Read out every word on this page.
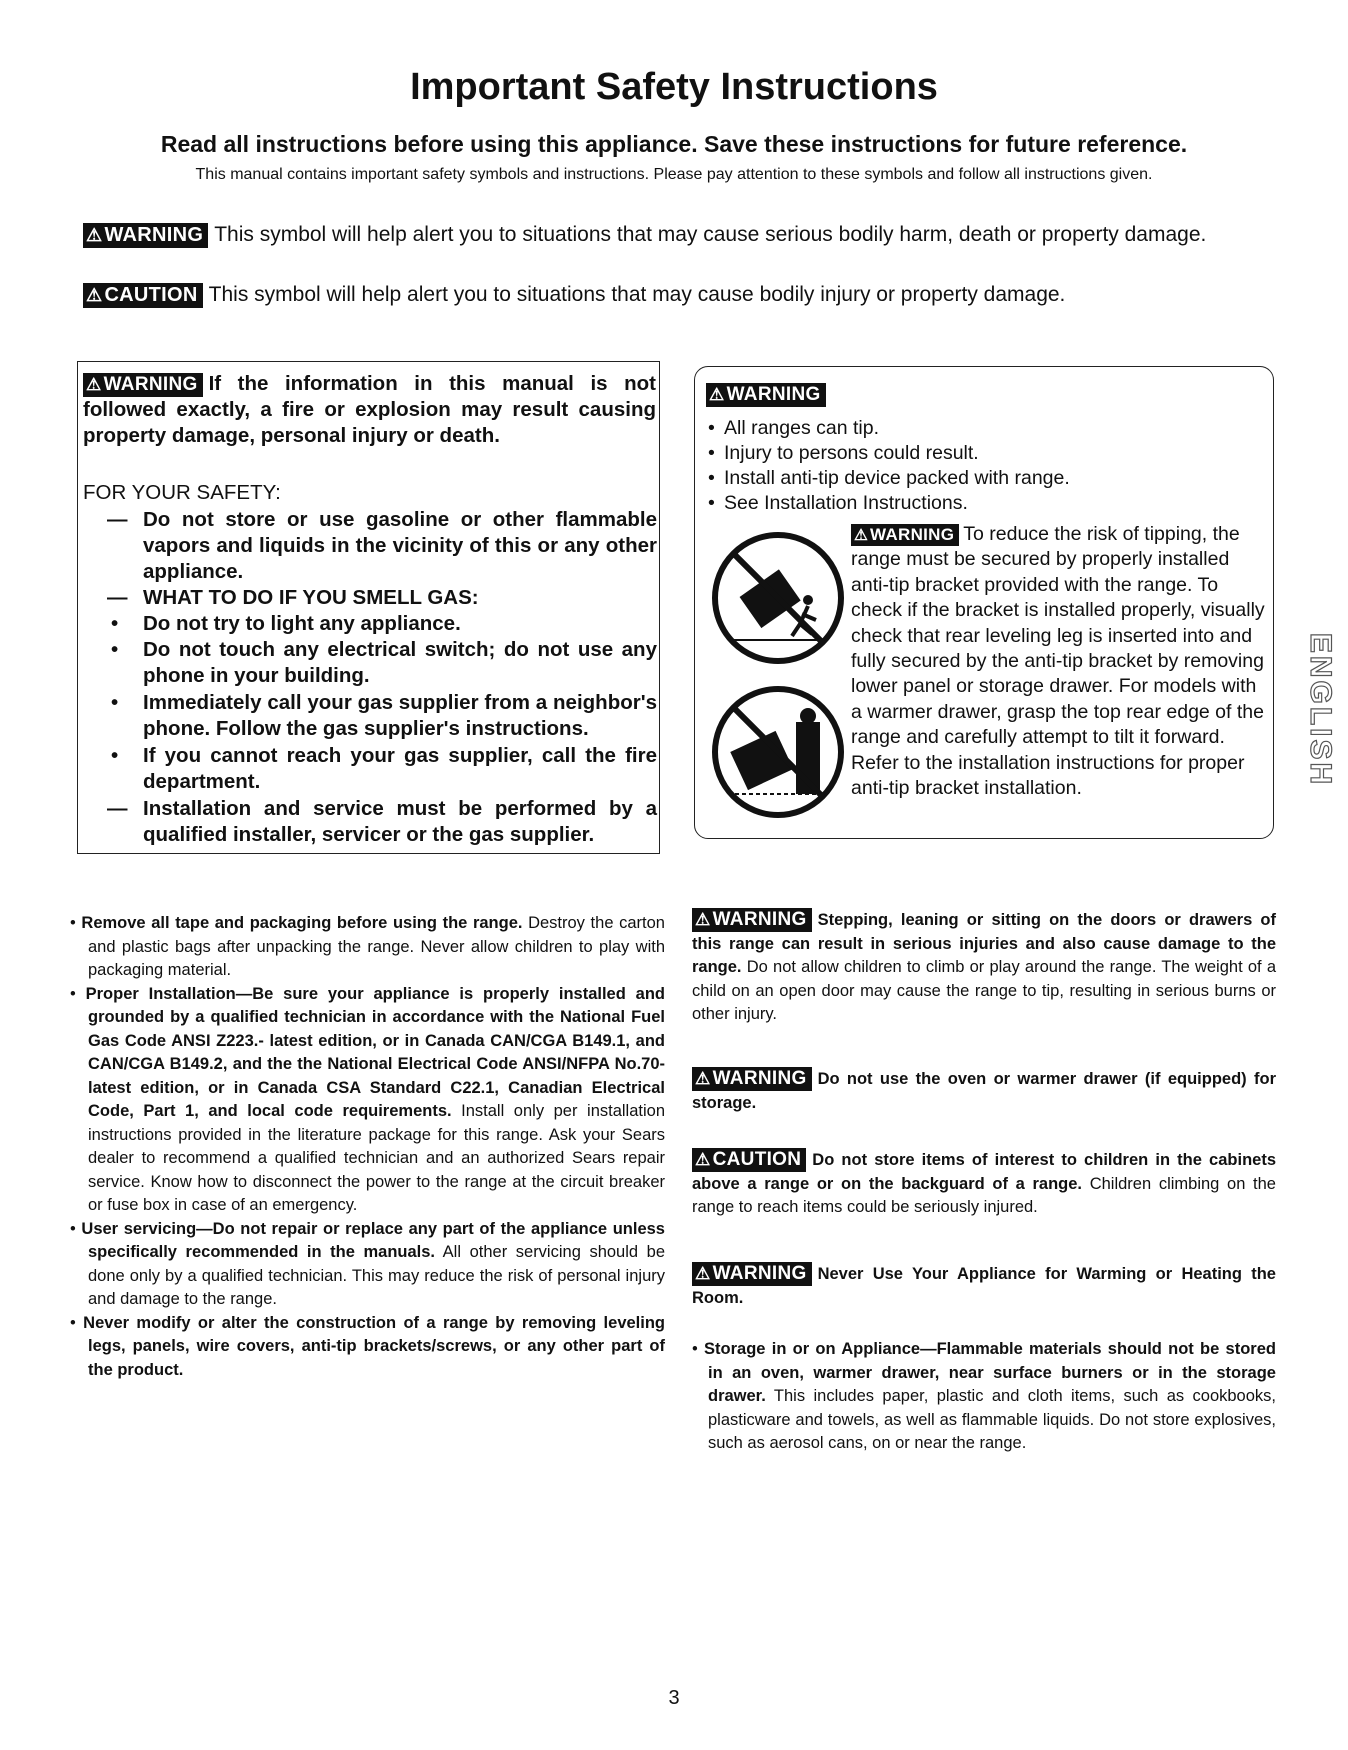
Important Safety Instructions
Read all instructions before using this appliance. Save these instructions for future reference.
This manual contains important safety symbols and instructions. Please pay attention to these symbols and follow all instructions given.
⚠ WARNING This symbol will help alert you to situations that may cause serious bodily harm, death or property damage.
⚠ CAUTION This symbol will help alert you to situations that may cause bodily injury or property damage.
⚠ WARNING If the information in this manual is not followed exactly, a fire or explosion may result causing property damage, personal injury or death.
FOR YOUR SAFETY:
— Do not store or use gasoline or other flammable vapors and liquids in the vicinity of this or any other appliance.
— WHAT TO DO IF YOU SMELL GAS:
•	Do not try to light any appliance.
•	Do not touch any electrical switch; do not use any phone in your building.
•	Immediately call your gas supplier from a neighbor's phone. Follow the gas supplier's instructions.
•	If you cannot reach your gas supplier, call the fire department.
— Installation and service must be performed by a qualified installer, servicer or the gas supplier.
⚠ WARNING
• All ranges can tip.
• Injury to persons could result.
• Install anti-tip device packed with range.
• See Installation Instructions.
⚠ WARNING To reduce the risk of tipping, the range must be secured by properly installed anti-tip bracket provided with the range. To check if the bracket is installed properly, visually check that rear leveling leg is inserted into and fully secured by the anti-tip bracket by removing lower panel or storage drawer. For models with a warmer drawer, grasp the top rear edge of the range and carefully attempt to tilt it forward. Refer to the installation instructions for proper anti-tip bracket installation.

• Remove all tape and packaging before using the range. Destroy the carton and plastic bags after unpacking the range. Never allow children to play with packaging material.

• Proper Installation—Be sure your appliance is properly installed and grounded by a qualified technician in accordance with the National Fuel Gas Code ANSI Z223.- latest edition, or in Canada CAN/CGA B149.1, and CAN/CGA B149.2, and the the National Electrical Code ANSI/NFPA No.70-latest edition, or in Canada CSA Standard C22.1, Canadian Electrical Code, Part 1, and local code requirements. Install only per installation instructions provided in the literature package for this range. Ask your Sears dealer to recommend a qualified technician and an authorized Sears repair service. Know how to disconnect the power to the range at the circuit breaker or fuse box in case of an emergency.

• User servicing—Do not repair or replace any part of the appliance unless specifically recommended in the manuals. All other servicing should be done only by a qualified technician. This may reduce the risk of personal injury and damage to the range.

• Never modify or alter the construction of a range by removing leveling legs, panels, wire covers, anti-tip brackets/screws, or any other part of the product.

⚠ WARNING Stepping, leaning or sitting on the doors or drawers of this range can result in serious injuries and also cause damage to the range. Do not allow children to climb or play around the range. The weight of a child on an open door may cause the range to tip, resulting in serious burns or other injury.
⚠ WARNING Do not use the oven or warmer drawer (if equipped) for storage.
⚠ CAUTION Do not store items of interest to children in the cabinets above a range or on the backguard of a range. Children climbing on the range to reach items could be seriously injured.
⚠ WARNING Never Use Your Appliance for Warming or Heating the Room.
• Storage in or on Appliance—Flammable materials should not be stored in an oven, warmer drawer, near surface burners or in the storage drawer. This includes paper, plastic and cloth items, such as cookbooks, plasticware and towels, as well as flammable liquids. Do not store explosives, such as aerosol cans, on or near the range.
ENGLISH
3
